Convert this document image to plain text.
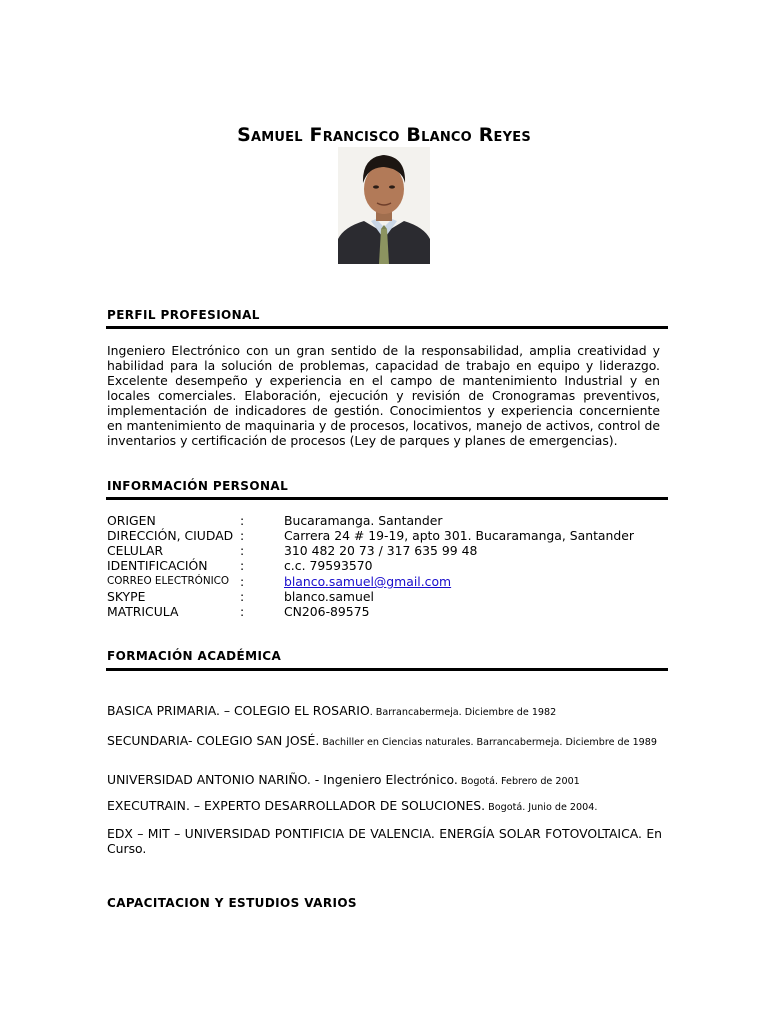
Samuel Francisco Blanco Reyes
PERFIL PROFESIONAL
Ingeniero Electrónico con un gran sentido de la responsabilidad, amplia creatividad y habilidad para la solución de problemas, capacidad de trabajo en equipo y liderazgo. Excelente desempeño y experiencia en el campo de mantenimiento Industrial y en locales comerciales. Elaboración, ejecución y revisión de Cronogramas preventivos, implementación de indicadores de gestión. Conocimientos y experiencia concerniente en mantenimiento de maquinaria y de procesos, locativos, manejo de activos, control de inventarios y certificación de procesos (Ley de parques y planes de emergencias).
INFORMACIÓN PERSONAL
ORIGEN	:	Bucaramanga. Santander
DIRECCIÓN, CIUDAD :	Carrera 24 # 19-19, apto 301. Bucaramanga, Santander
CELULAR	:	310 482 20 73 / 317 635 99 48
IDENTIFICACIÓN	:	c.c. 79593570
CORREO ELECTRÓNICO :	blanco.samuel@gmail.com
SKYPE	:	blanco.samuel
MATRICULA	:	CN206-89575
FORMACIÓN ACADÉMICA
BASICA PRIMARIA. – COLEGIO EL ROSARIO. Barrancabermeja. Diciembre de 1982
SECUNDARIA- COLEGIO SAN JOSÉ. Bachiller en Ciencias naturales. Barrancabermeja. Diciembre de 1989
UNIVERSIDAD ANTONIO NARIÑO. - Ingeniero Electrónico. Bogotá. Febrero de 2001
EXECUTRAIN. – EXPERTO DESARROLLADOR DE SOLUCIONES. Bogotá. Junio de 2004.
EDX – MIT – UNIVERSIDAD PONTIFICIA DE VALENCIA. ENERGÍA SOLAR FOTOVOLTAICA. En Curso.
CAPACITACION Y ESTUDIOS VARIOS
